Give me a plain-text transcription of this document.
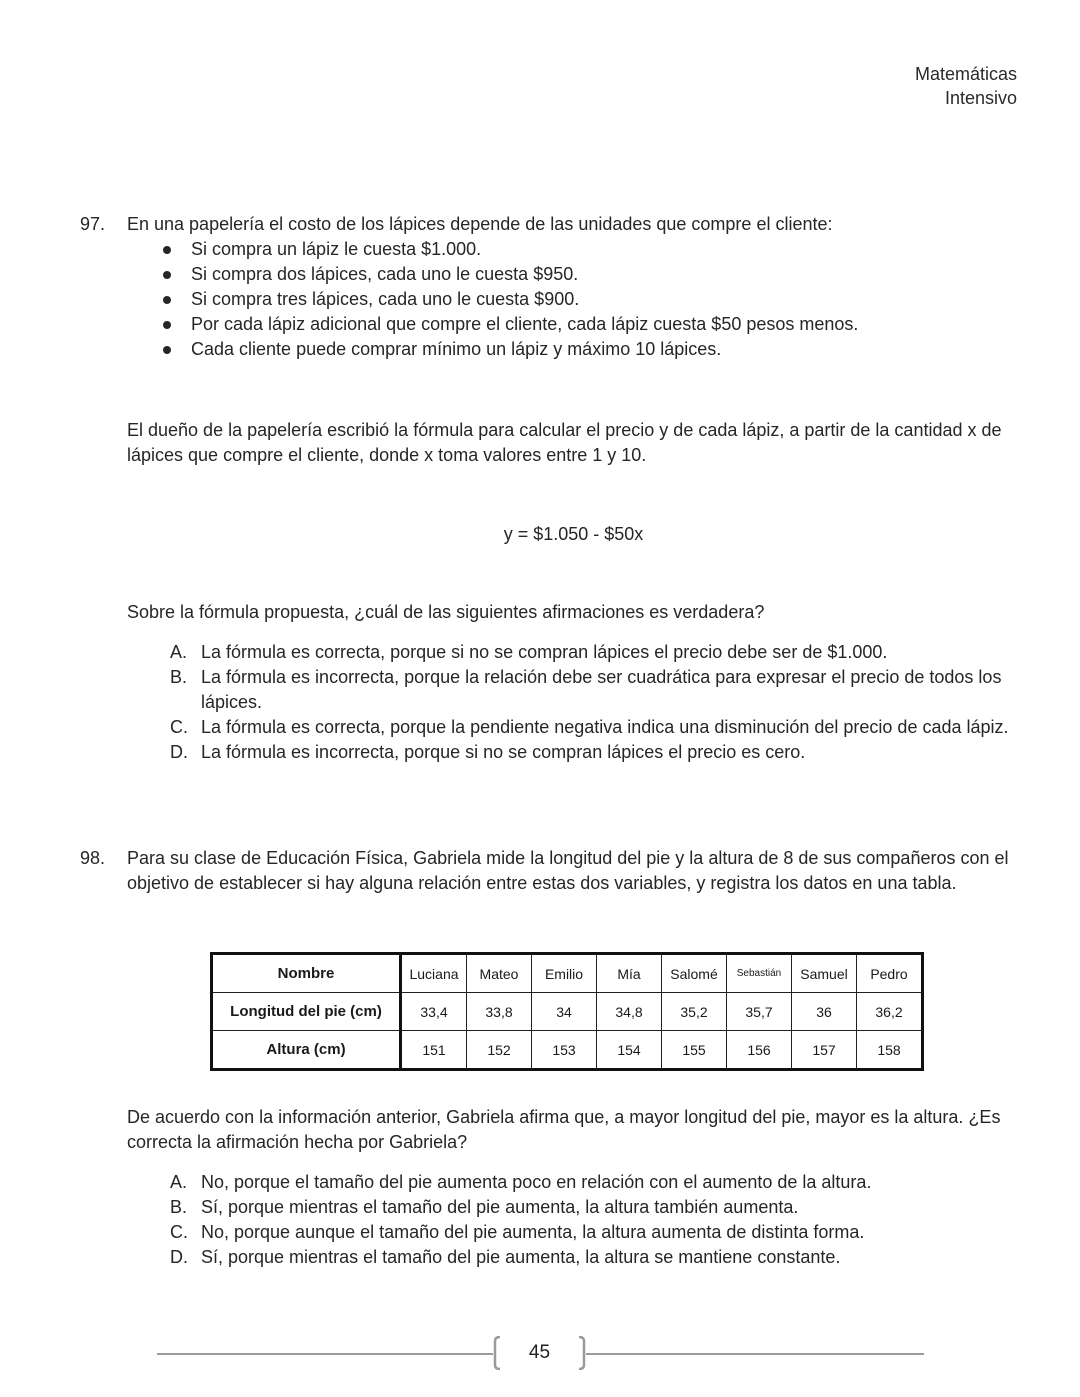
Matemáticas
Intensivo
97. En una papelería el costo de los lápices depende de las unidades que compre el cliente:

Si compra un lápiz le cuesta $1.000.
Si compra dos lápices, cada uno le cuesta $950.
Si compra tres lápices, cada uno le cuesta $900.
Por cada lápiz adicional que compre el cliente, cada lápiz cuesta $50 pesos menos.
Cada cliente puede comprar mínimo un lápiz y máximo 10 lápices.

El dueño de la papelería escribió la fórmula para calcular el precio y de cada lápiz, a partir de la cantidad x de lápices que compre el cliente, donde x toma valores entre 1 y 10.

y = $1.050 - $50x

Sobre la fórmula propuesta, ¿cuál de las siguientes afirmaciones es verdadera?

A. La fórmula es correcta, porque si no se compran lápices el precio debe ser de $1.000.
B. La fórmula es incorrecta, porque la relación debe ser cuadrática para expresar el precio de todos los lápices.
C. La fórmula es correcta, porque la pendiente negativa indica una disminución del precio de cada lápiz.
D. La fórmula es incorrecta, porque si no se compran lápices el precio es cero.
98. Para su clase de Educación Física, Gabriela mide la longitud del pie y la altura de 8 de sus compañeros con el objetivo de establecer si hay alguna relación entre estas dos variables, y registra los datos en una tabla.

Nombre	Luciana	Mateo	Emilio	Mía	Salomé	Sebastián	Samuel	Pedro
Longitud del pie (cm)	33,4	33,8	34	34,8	35,2	35,7	36	36,2
Altura (cm)	151	152	153	154	155	156	157	158

De acuerdo con la información anterior, Gabriela afirma que, a mayor longitud del pie, mayor es la altura. ¿Es correcta la afirmación hecha por Gabriela?

A. No, porque el tamaño del pie aumenta poco en relación con el aumento de la altura.
B. Sí, porque mientras el tamaño del pie aumenta, la altura también aumenta.
C. No, porque aunque el tamaño del pie aumenta, la altura aumenta de distinta forma.
D. Sí, porque mientras el tamaño del pie aumenta, la altura se mantiene constante.
45
